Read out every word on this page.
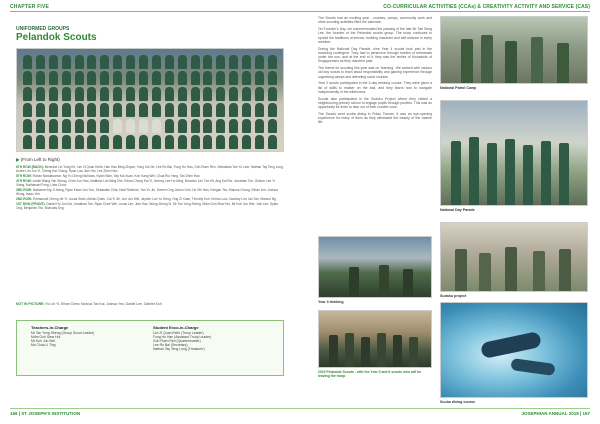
CHAPTER FIVE	CO-CURRICULAR ACTIVITIES (CCAs) & CREATIVITY ACTIVITY AND SERVICE (CAS)
UNIFORMED GROUPS
Pelandok Scouts
▶ (From Left to Right)

6TH ROW (BACK): Benedict Lin Yong Ke, Lim Zi Quan Keith, Han Hao Ming Zhiyan, Yong Kai Jie, Lee Ru Bai, Fong Ho Han, Goh Ruen Ren, Sebastian Tan Yu Lam, Nathan Tay Teng Long, Andre Lim Jun Yi, Cheng Kai Cheng, Ryan Low Jian Hui, Lee Zhen Hao

5TH ROW: Rohan Nandakumar, Ng Yu Cheng Nicholas, Kylan Wan, Yap Kai Xuan, Koh Kang Wei, Chua Rui Yang, Tan Zhen Hao

4TH ROW: Leslie Wang Yan Sheng, Chee Jun Han, Matthew Lim Ming Zhe, Ethan Chong Kai Yi, Jeremy Lee Ho Ming, Brandon Lim Tze Kit, Ang Kai Rui, Jonathan Toh, Gideon Lee Yi Xiang, Nathanael Fong, Liam Chow

3RD ROW: Nathaniel Ng Ji Xiang, Ryan Kwan Jun Yue, Sebastian Chia, Hadi Rahman, Tan Yu Jie, Darren Ong, Aaron Goh, Ho Shi Han, Keegan Teo, Marcus Chong, Ethan Lim, Joshua Wong, Isaac Yeo

2ND ROW: Emmanuel Cheng Jie Yi, Lucas Seah, Adrian Quek, Cai Yi Jie, Lim Jun Wei, Jayden Loh Yu Heng, Ong Zi Xuan, Timothy Koh, Kieran Low, Zachary Lim, Ian Tan, Marcus Ng

1ST ROW (FRONT): Daniel Ho Jun Kai, Jonathan Tan, Ryan Chee Wei, Lucas Lim, Jian Hao, Wong Zheng Xi, Mr Tan Yong Sheng, Mdm Goh Siew Hui, Mr Koh Jun Wei, Joel Lee, Dylan Ong, Benjamin Teo, Nicholas Sng

NOT IN PICTURE: Ho Lin Yi, Ethan Chew, Marcus Tan Kai, Joshua Yeo, Daniel Lee, Gabriel Koh
Teachers-in-Charge
Mr Tan Yong Sheng (Group Scout Leader)
Mdm Goh Siew Hui
Mr Koh Jun Wei
Ms Chua Li Ting
Student Exco-in-Charge
Lim Zi Quan Keith (Troop Leader)
Fong Ho Han (Assistant Troop Leader)
Goh Ruen Ren (Quartermaster)
Lee Ru Bai (Secretary)
Nathan Tay Teng Long (Treasurer)

The Scouts had an exciting year - courses, camps, community work and other scouting activities filled the calendar.

On Founder's Day, we commemorated the passing of the late Mr Tan Seng Lee, the founder of the Pelandok scouts group. The troop continues to uphold the traditions of service, building character and self-reliance in every member.

During the National Day Parade, nine Year 4 scouts took part in the marching contingent. They had to persevere through months of rehearsals under the sun, and at the end of it, they saw the smiles of thousands of Singaporeans as they marched past.

The theme for scouting this year was on 'learning'. We worked with various old boy scouts to learn about responsibility and gaining experience through organising camps and attending scout courses.

Year 3 scouts participated in the 3-day trekking course. They were given a list of skills to master on the trail, and they learnt how to navigate independently in the wilderness.

Scouts also participated in the Sudoku Project where they visited a neighbouring primary school to engage pupils through puzzles. This was an opportunity for them to step out of their comfort zone.

The Scouts went scuba diving in Pulau Tioman. It was an eye-opening experience for many of them as they witnessed the beauty of the marine life.

National Patrol Camp
National Day Parade
Year 3 trekking
Sudoku project
Scuba diving course
2019 Pelandok Scouts - with the Year 5 and 6 scouts who will be leaving the troop
156 | ST JOSEPH'S INSTITUTION	JOSEPHIAN ANNUAL 2019 | 157
